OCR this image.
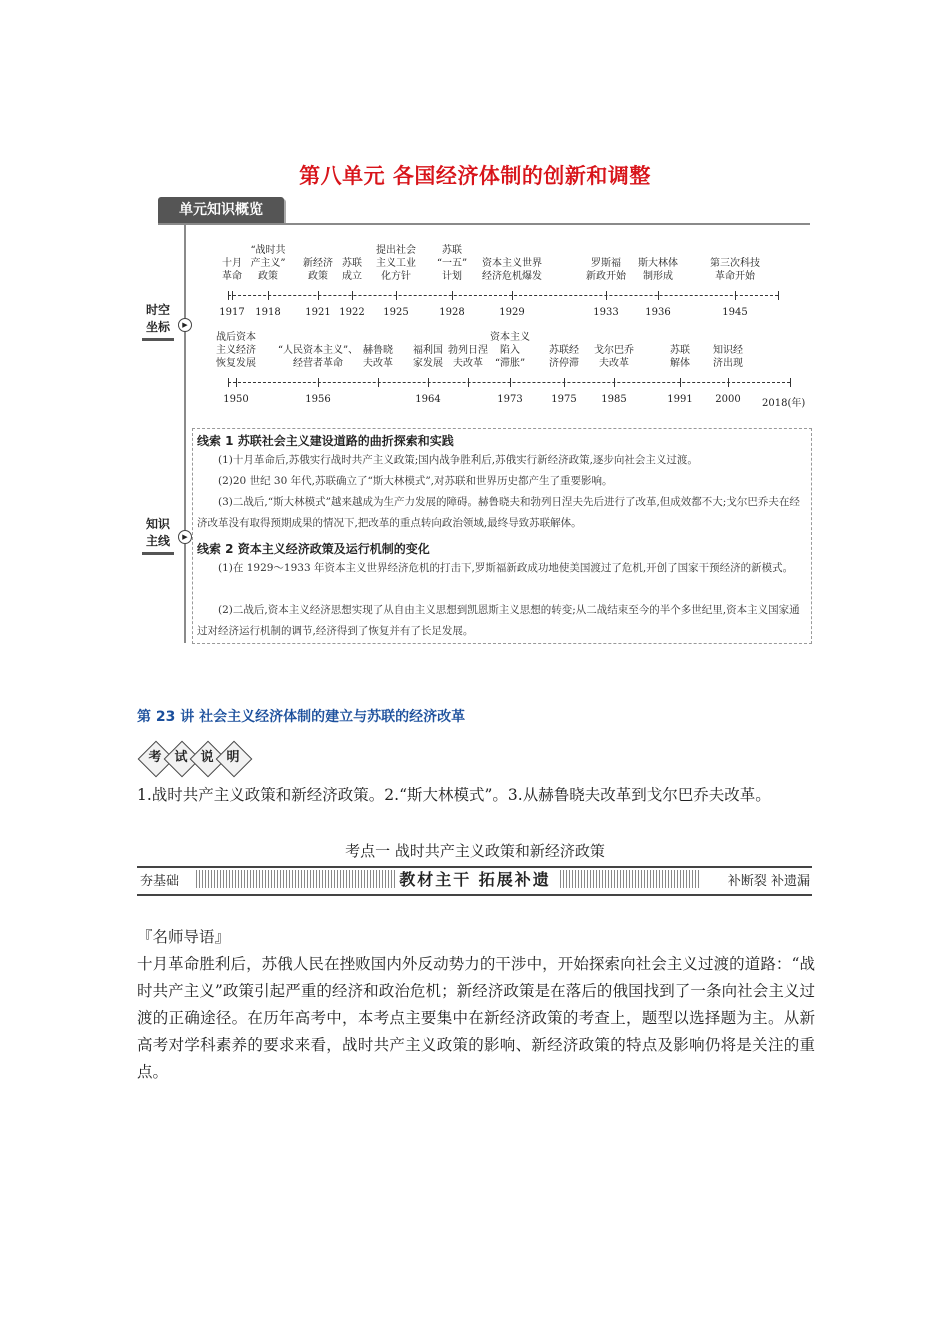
第八单元 各国经济体制的创新和调整
单元知识概览
时空
坐标	▶
知识
主线	▶
十月
革命
1917
“战时共
产主义”
政策
1918
新经济
政策
1921
苏联
成立
1922
提出社会
主义工业
化方针
1925
苏联
“一五”
计划
1928
资本主义世界
经济危机爆发
1929
罗斯福
新政开始
1933
斯大林体
制形成
1936
第三次科技
革命开始
1945
战后资本
主义经济
恢复发展
1950
“人民资本主义”、
经营者革命
1956
赫鲁晓
夫改革
福利国
家发展
1964
勃列日涅
夫改革
资本主义
陷入
“滞胀”
1973
苏联经
济停滞
1975
戈尔巴乔
夫改革
1985
苏联
解体
1991
知识经
济出现
2000	2018(年)
线索 1 苏联社会主义建设道路的曲折探索和实践
(1)十月革命后,苏俄实行战时共产主义政策;国内战争胜利后,苏俄实行新经济政策,逐步向社会主义过渡。
(2)20 世纪 30 年代,苏联确立了“斯大林模式”,对苏联和世界历史都产生了重要影响。
(3)二战后,“斯大林模式”越来越成为生产力发展的障碍。赫鲁晓夫和勃列日涅夫先后进行了改革,但成效都不大;戈尔巴乔夫在经济改革没有取得预期成果的情况下,把改革的重点转向政治领域,最终导致苏联解体。
线索 2 资本主义经济政策及运行机制的变化
(1)在 1929～1933 年资本主义世界经济危机的打击下,罗斯福新政成功地使美国渡过了危机,开创了国家干预经济的新模式。
(2)二战后,资本主义经济思想实现了从自由主义思想到凯恩斯主义思想的转变;从二战结束至今的半个多世纪里,资本主义国家通过对经济运行机制的调节,经济得到了恢复并有了长足发展。
第 23 讲 社会主义经济体制的建立与苏联的经济改革
考 试 说 明
1.战时共产主义政策和新经济政策。2.“斯大林模式”。3.从赫鲁晓夫改革到戈尔巴乔夫改革。
考点一 战时共产主义政策和新经济政策
夯基础	教材主干 拓展补遗	补断裂 补遗漏
『名师导语』
十月革命胜利后，苏俄人民在挫败国内外反动势力的干涉中，开始探索向社会主义过渡的道路：“战时共产主义”政策引起严重的经济和政治危机；新经济政策是在落后的俄国找到了一条向社会主义过渡的正确途径。在历年高考中，本考点主要集中在新经济政策的考查上，题型以选择题为主。从新高考对学科素养的要求来看，战时共产主义政策的影响、新经济政策的特点及影响仍将是关注的重点。
